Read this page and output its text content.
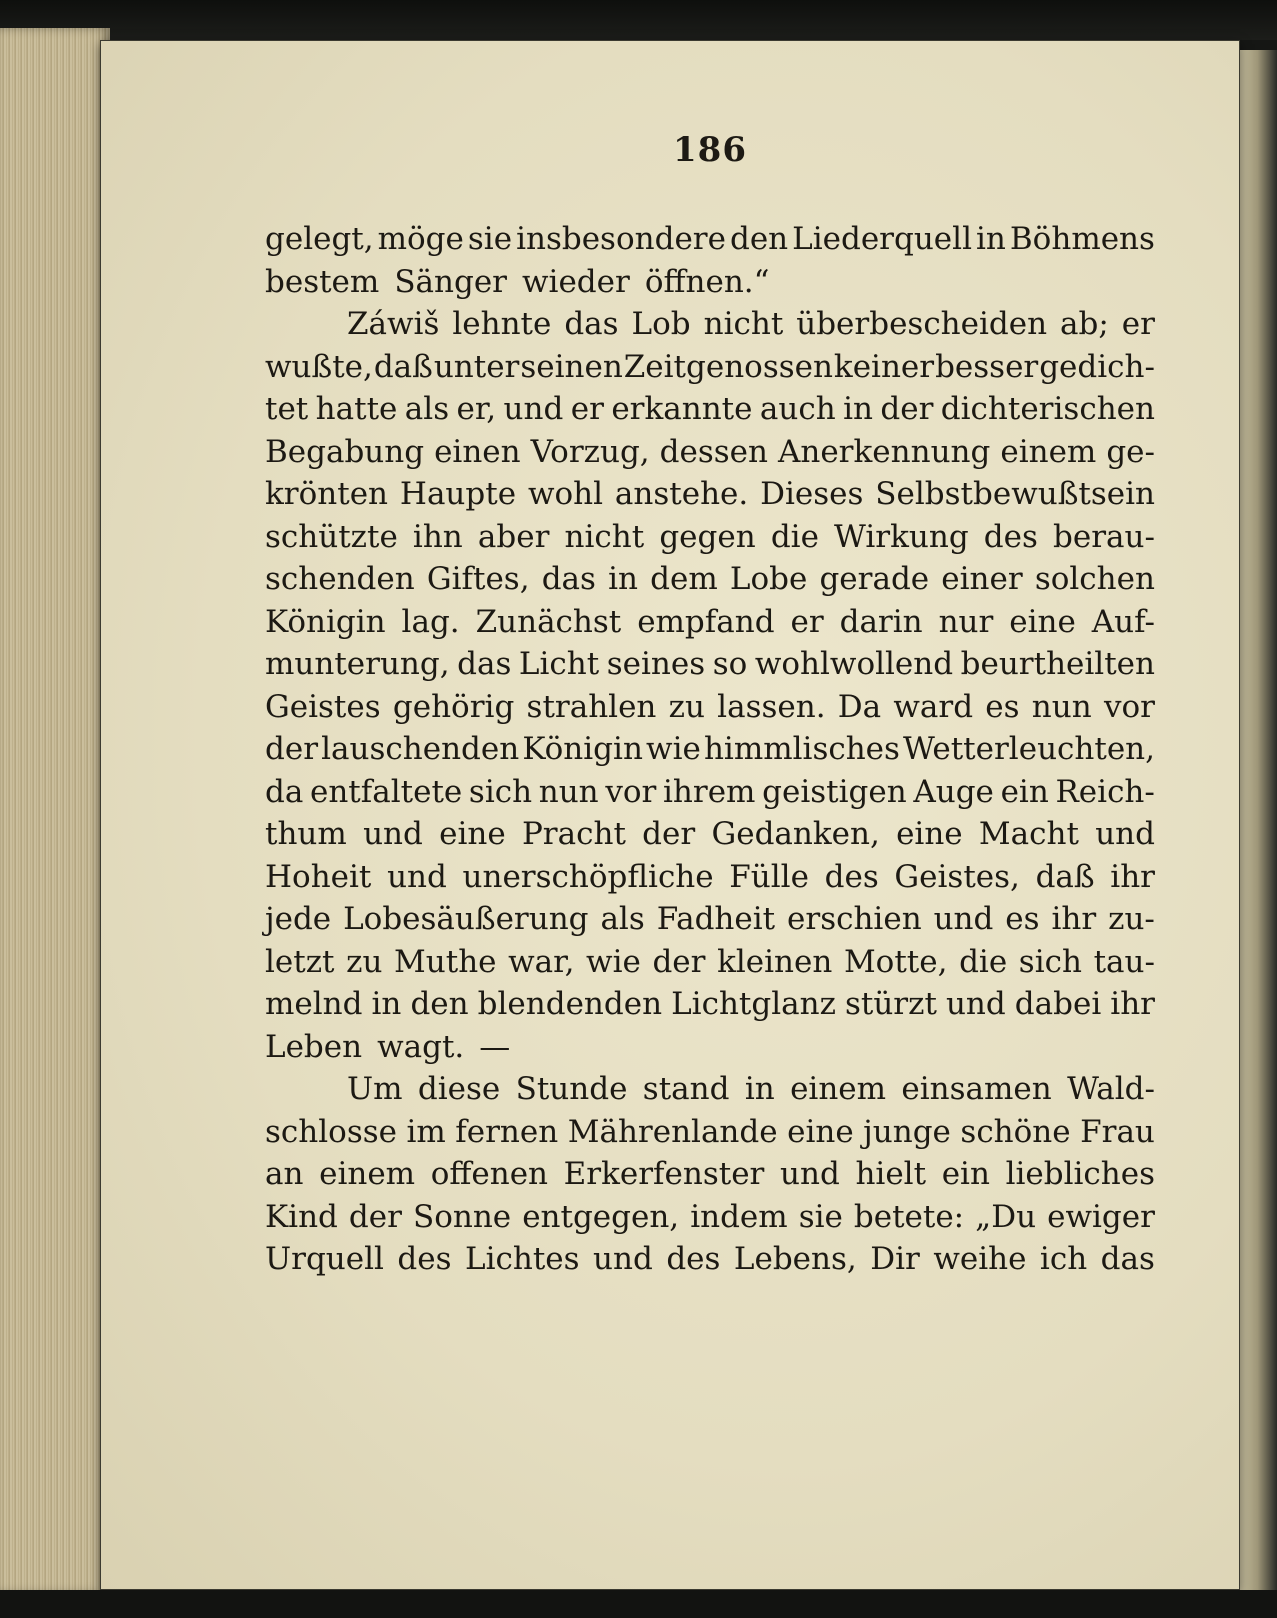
186
gelegt, möge sie insbesondere den Liederquell in Böhmens
bestem Sänger wieder öffnen.“
Záwiš lehnte das Lob nicht überbescheiden ab; er
wußte, daß unter seinen Zeitgenossen keiner besser gedich-
tet hatte als er, und er erkannte auch in der dichterischen
Begabung einen Vorzug, dessen Anerkennung einem ge-
krönten Haupte wohl anstehe. Dieses Selbstbewußtsein
schützte ihn aber nicht gegen die Wirkung des berau-
schenden Giftes, das in dem Lobe gerade einer solchen
Königin lag. Zunächst empfand er darin nur eine Auf-
munterung, das Licht seines so wohlwollend beurtheilten
Geistes gehörig strahlen zu lassen. Da ward es nun vor
der lauschenden Königin wie himmlisches Wetterleuchten,
da entfaltete sich nun vor ihrem geistigen Auge ein Reich-
thum und eine Pracht der Gedanken, eine Macht und
Hoheit und unerschöpfliche Fülle des Geistes, daß ihr
jede Lobesäußerung als Fadheit erschien und es ihr zu-
letzt zu Muthe war, wie der kleinen Motte, die sich tau-
melnd in den blendenden Lichtglanz stürzt und dabei ihr
Leben wagt. —
Um diese Stunde stand in einem einsamen Wald-
schlosse im fernen Mährenlande eine junge schöne Frau
an einem offenen Erkerfenster und hielt ein liebliches
Kind der Sonne entgegen, indem sie betete: „Du ewiger
Urquell des Lichtes und des Lebens, Dir weihe ich das
